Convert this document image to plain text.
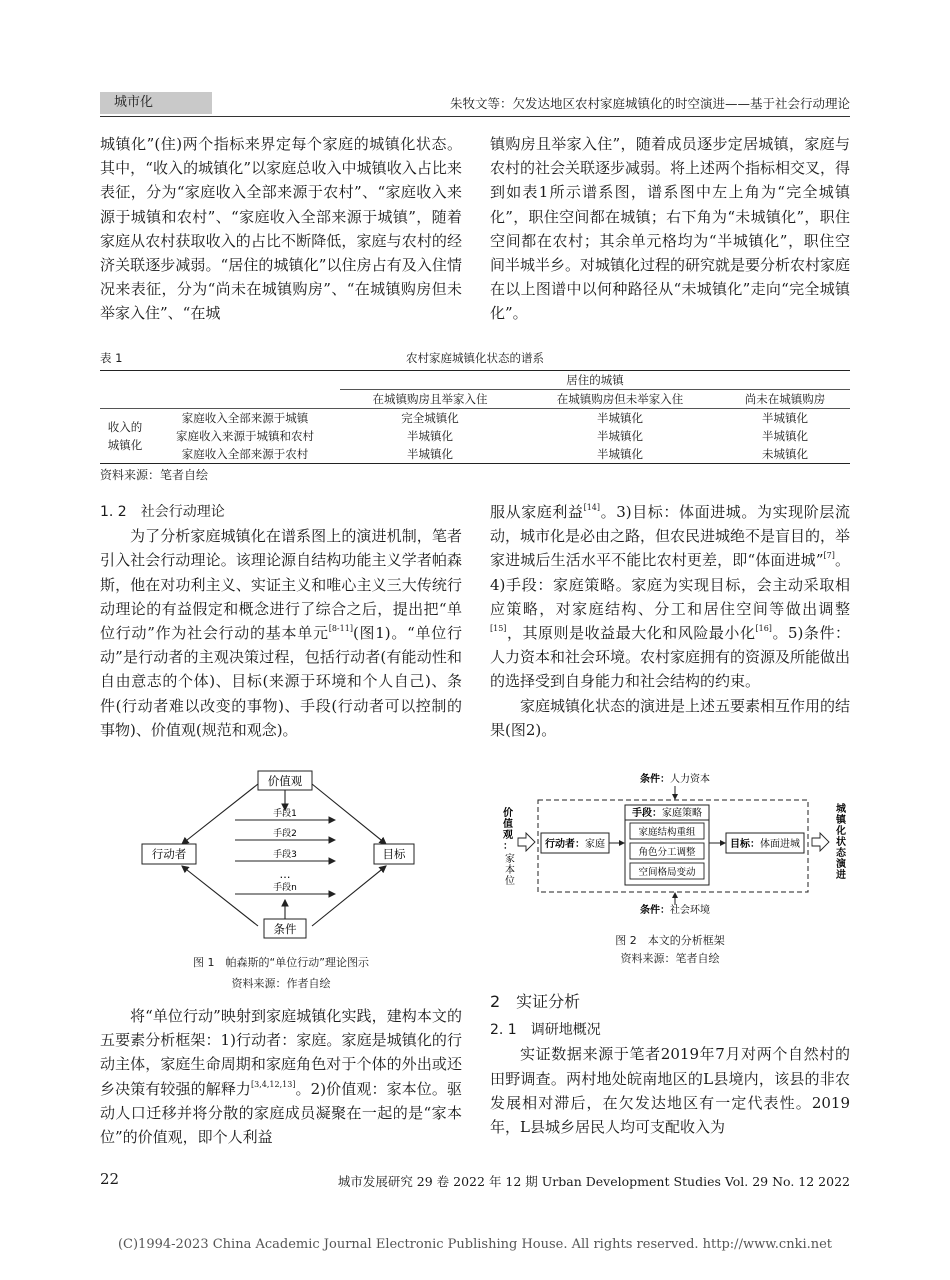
城市化	朱牧文等：欠发达地区农村家庭城镇化的时空演进——基于社会行动理论

城镇化”(住)两个指标来界定每个家庭的城镇化状态。其中，“收入的城镇化”以家庭总收入中城镇收入占比来表征，分为“家庭收入全部来源于农村”、“家庭收入来源于城镇和农村”、“家庭收入全部来源于城镇”，随着家庭从农村获取收入的占比不断降低，家庭与农村的经济关联逐步减弱。“居住的城镇化”以住房占有及入住情况来表征，分为“尚未在城镇购房”、“在城镇购房但未举家入住”、“在城

镇购房且举家入住”，随着成员逐步定居城镇，家庭与农村的社会关联逐步减弱。将上述两个指标相交叉，得到如表1所示谱系图，谱系图中左上角为“完全城镇化”，职住空间都在城镇；右下角为“未城镇化”，职住空间都在农村；其余单元格均为“半城镇化”，职住空间半城半乡。对城镇化过程的研究就是要分析农村家庭在以上图谱中以何种路径从“未城镇化”走向“完全城镇化”。

表 1	农村家庭城镇化状态的谱系
		居住的城镇		
		在城镇购房且举家入住	在城镇购房但未举家入住	尚未在城镇购房

收入的
城镇化	家庭收入全部来源于城镇	完全城镇化	半城镇化	半城镇化
	家庭收入来源于城镇和农村	半城镇化	半城镇化	半城镇化
	家庭收入全部来源于农村	半城镇化	半城镇化	未城镇化
资料来源：笔者自绘

1. 2　社会行动理论

为了分析家庭城镇化在谱系图上的演进机制，笔者引入社会行动理论。该理论源自结构功能主义学者帕森斯，他在对功利主义、实证主义和唯心主义三大传统行动理论的有益假定和概念进行了综合之后，提出把“单位行动”作为社会行动的基本单元[8-11](图1)。“单位行动”是行动者的主观决策过程，包括行动者(有能动性和自由意志的个体)、目标(来源于环境和个人自己)、条件(行动者难以改变的事物)、手段(行动者可以控制的事物)、价值观(规范和观念)。

手段1
手段2
手段3
…
手段n
价值观
行动者	目标
条件
图 1　 帕森斯的“单位行动”理论图示
资料来源：作者自绘

将“单位行动”映射到家庭城镇化实践，建构本文的五要素分析框架：1)行动者：家庭。家庭是城镇化的行动主体，家庭生命周期和家庭角色对于个体的外出或还乡决策有较强的解释力[3,4,12,13]。2)价值观：家本位。驱动人口迁移并将分散的家庭成员凝聚在一起的是“家本位”的价值观，即个人利益

服从家庭利益[14]。3)目标：体面进城。为实现阶层流动，城市化是必由之路，但农民进城绝不是盲目的，举家进城后生活水平不能比农村更差，即“体面进城”[7]。4)手段：家庭策略。家庭为实现目标，会主动采取相应策略，对家庭结构、分工和居住空间等做出调整[15]，其原则是收益最大化和风险最小化[16]。5)条件：人力资本和社会环境。农村家庭拥有的资源及所能做出的选择受到自身能力和社会结构的约束。

家庭城镇化状态的演进是上述五要素相互作用的结果(图2)。

条件：人力资本
价值观：
家本位
行动者：家庭
手段：家庭策略
家庭结构重组
角色分工调整
空间格局变动
目标：体面进城
城镇化状态演进
条件：社会环境
图 2　 本文的分析框架
资料来源：笔者自绘

2　实证分析

2. 1　调研地概况

实证数据来源于笔者2019年7月对两个自然村的田野调查。两村地处皖南地区的L县境内，该县的非农发展相对滞后，在欠发达地区有一定代表性。2019年，L县城乡居民人均可支配收入为

22	城市发展研究 29 卷 2022 年 12 期 Urban Development Studies Vol. 29 No. 12 2022
(C)1994-2023 China Academic Journal Electronic Publishing House. All rights reserved. http://www.cnki.net
